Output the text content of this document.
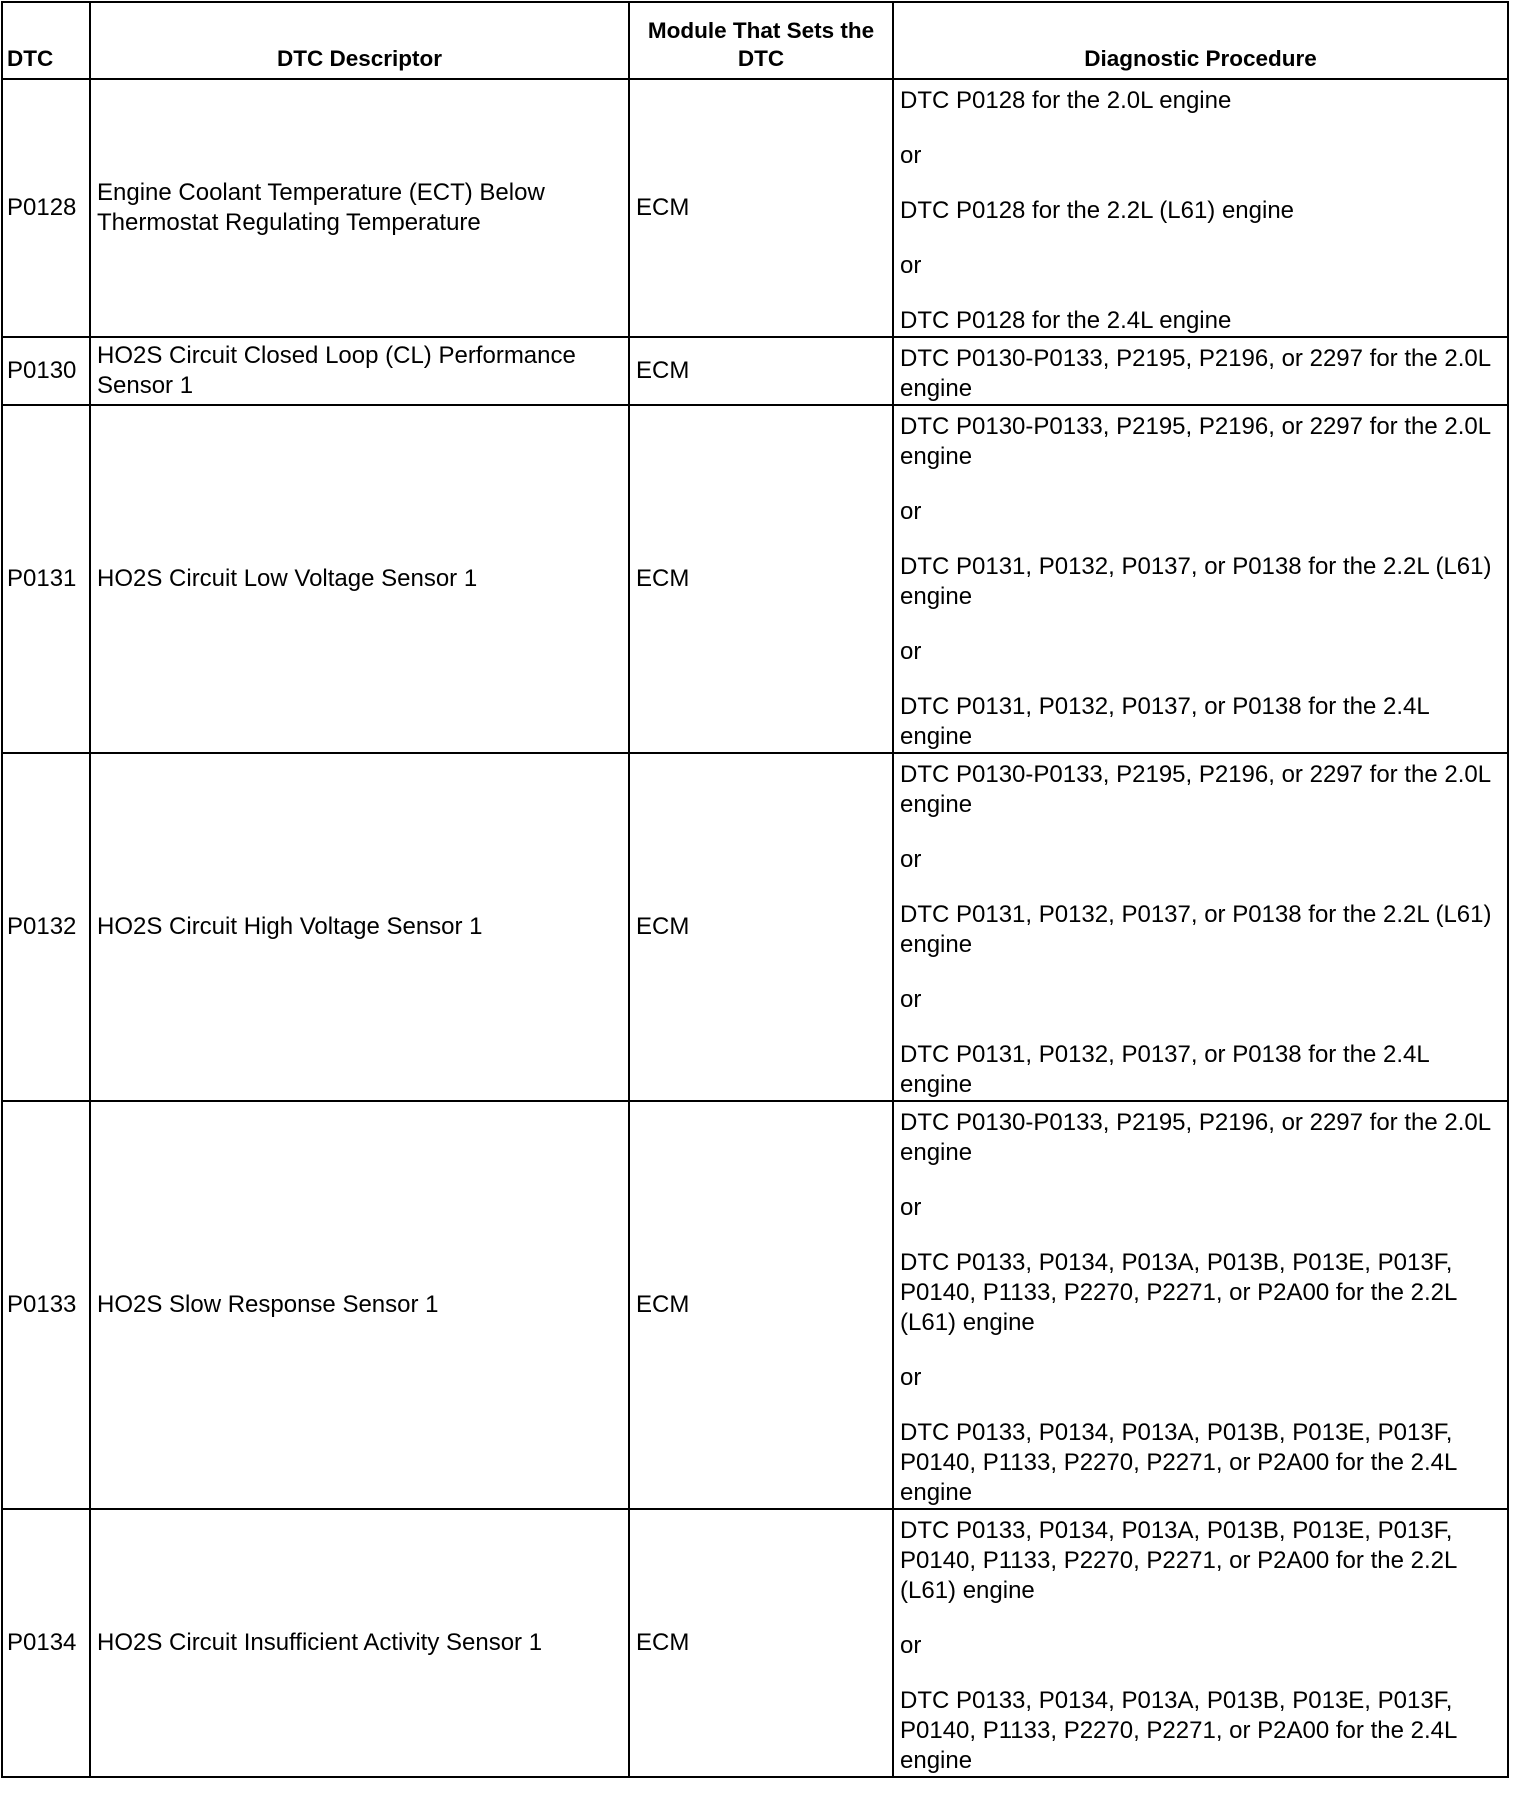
DTC	DTC Descriptor	Module That Sets the DTC	Diagnostic Procedure
P0128	Engine Coolant Temperature (ECT) Below Thermostat Regulating Temperature	ECM	DTC P0128 for the 2.0L engine

or

DTC P0128 for the 2.2L (L61) engine

or

DTC P0128 for the 2.4L engine

P0130	HO2S Circuit Closed Loop (CL) Performance Sensor 1	ECM	DTC P0130-P0133, P2195, P2196, or 2297 for the 2.0L engine

P0131	HO2S Circuit Low Voltage Sensor 1	ECM	DTC P0130-P0133, P2195, P2196, or 2297 for the 2.0L engine

or

DTC P0131, P0132, P0137, or P0138 for the 2.2L (L61) engine

or

DTC P0131, P0132, P0137, or P0138 for the 2.4L engine

P0132	HO2S Circuit High Voltage Sensor 1	ECM	DTC P0130-P0133, P2195, P2196, or 2297 for the 2.0L engine

or

DTC P0131, P0132, P0137, or P0138 for the 2.2L (L61) engine

or

DTC P0131, P0132, P0137, or P0138 for the 2.4L engine

P0133	HO2S Slow Response Sensor 1	ECM	DTC P0130-P0133, P2195, P2196, or 2297 for the 2.0L engine

or

DTC P0133, P0134, P013A, P013B, P013E, P013F, P0140, P1133, P2270, P2271, or P2A00 for the 2.2L (L61) engine

or

DTC P0133, P0134, P013A, P013B, P013E, P013F, P0140, P1133, P2270, P2271, or P2A00 for the 2.4L engine

P0134	HO2S Circuit Insufficient Activity Sensor 1	ECM	DTC P0133, P0134, P013A, P013B, P013E, P013F, P0140, P1133, P2270, P2271, or P2A00 for the 2.2L (L61) engine

or

DTC P0133, P0134, P013A, P013B, P013E, P013F, P0140, P1133, P2270, P2271, or P2A00 for the 2.4L engine
